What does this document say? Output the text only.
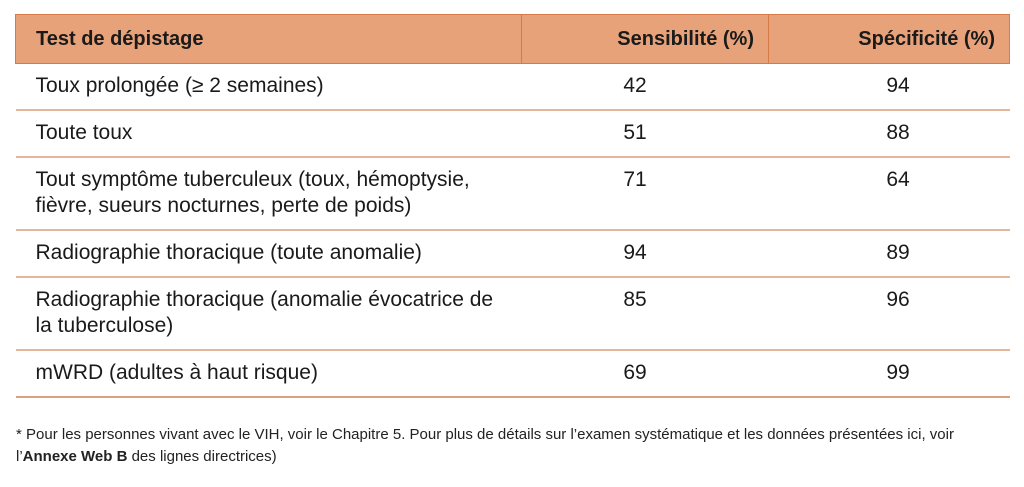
Test de dépistage	Sensibilité (%)	Spécificité (%)
Toux prolongée (≥ 2 semaines)	42	94
Toute toux	51	88
Tout symptôme tuberculeux (toux, hémoptysie, fièvre, sueurs nocturnes, perte de poids)	71	64
Radiographie thoracique (toute anomalie)	94	89
Radiographie thoracique (anomalie évocatrice de la tuberculose)	85	96
mWRD (adultes à haut risque)	69	99
* Pour les personnes vivant avec le VIH, voir le Chapitre 5. Pour plus de détails sur l’examen systématique et les données présentées ici, voir l’Annexe Web B des lignes directrices)
